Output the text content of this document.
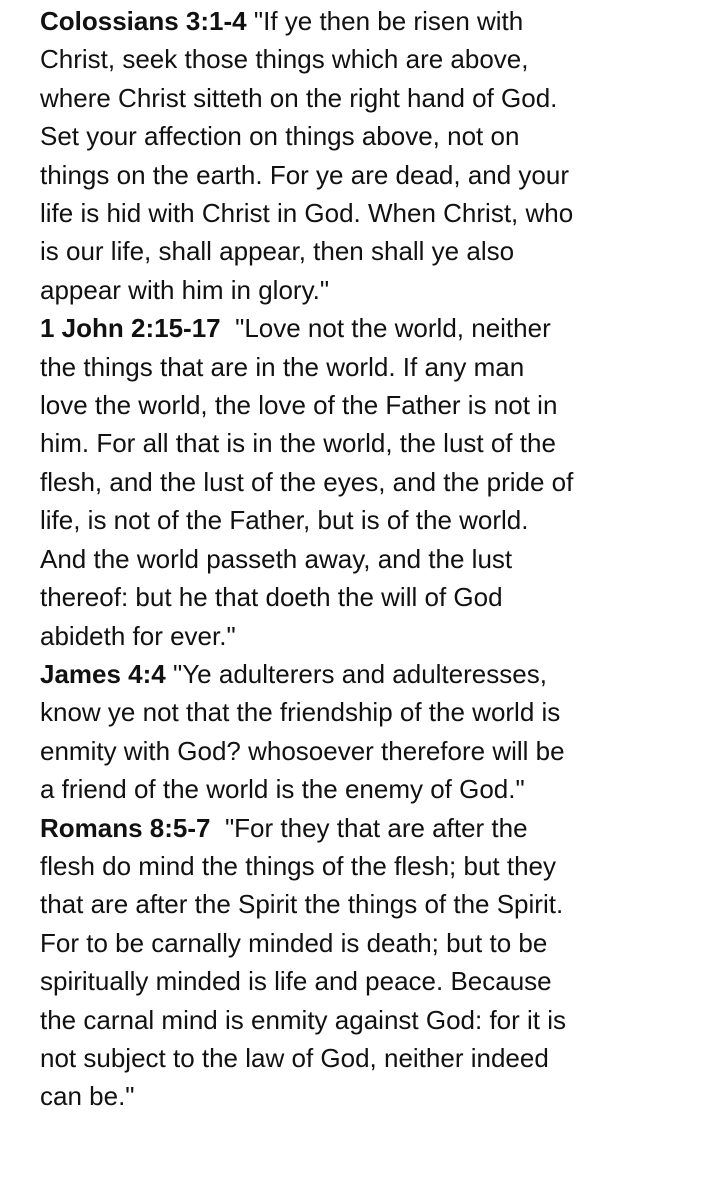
Colossians 3:1-4 "If ye then be risen with
Christ, seek those things which are above,
where Christ sitteth on the right hand of God.
Set your affection on things above, not on
things on the earth. For ye are dead, and your
life is hid with Christ in God. When Christ, who
is our life, shall appear, then shall ye also
appear with him in glory."
1 John 2:15-17  "Love not the world, neither
the things that are in the world. If any man
love the world, the love of the Father is not in
him. For all that is in the world, the lust of the
flesh, and the lust of the eyes, and the pride of
life, is not of the Father, but is of the world.
And the world passeth away, and the lust
thereof: but he that doeth the will of God
abideth for ever."
James 4:4 "Ye adulterers and adulteresses,
know ye not that the friendship of the world is
enmity with God? whosoever therefore will be
a friend of the world is the enemy of God."
Romans 8:5-7  "For they that are after the
flesh do mind the things of the flesh; but they
that are after the Spirit the things of the Spirit.
For to be carnally minded is death; but to be
spiritually minded is life and peace. Because
the carnal mind is enmity against God: for it is
not subject to the law of God, neither indeed
can be."
